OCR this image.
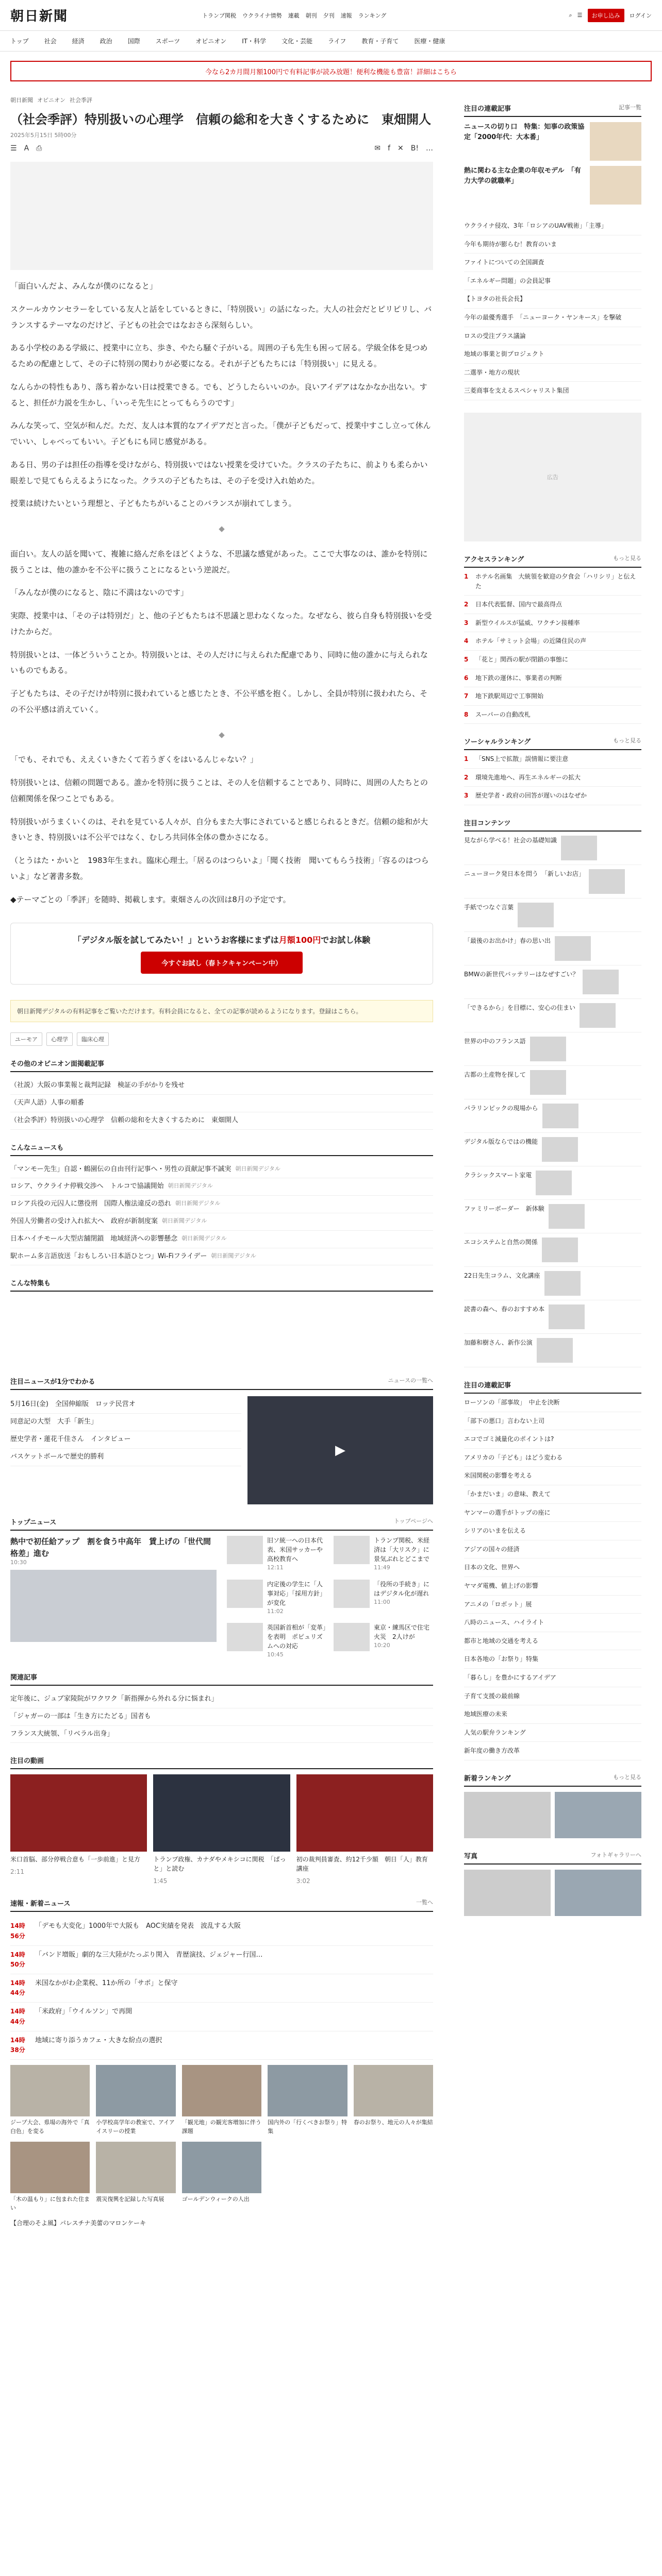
朝日新聞	トランプ関税 ウクライナ情勢 連載 朝刊 夕刊 速報 ランキング	⌕ ☰	お申し込み	ログイン
トップ	社会	経済	政治	国際	スポーツ	オピニオン	IT・科学	文化・芸能	ライフ	教育・子育て	医療・健康
今なら2カ月間月額100円で有料記事が読み放題！便利な機能も豊富！詳細はこちら
朝日新聞 オピニオン 社会季評
（社会季評）特別扱いの心理学　信頼の総和を大きくするために　東畑開人
2025年5月15日 5時00分
☰ A ⎙	✉ f ✕ B! …

「面白いんだよ、みんなが僕のになると」

スクールカウンセラーをしている友人と話をしているときに、「特別扱い」の話になった。大人の社会だとピリピリし、バランスするテーマなのだけど、子どもの社会ではなおさら深刻らしい。

ある小学校のある学級に、授業中に立ち、歩き、やたら騒ぐ子がいる。周囲の子も先生も困って居る。学級全体を見つめるための配慮として、その子に特別の関わりが必要になる。それが子どもたちには「特別扱い」に見える。

なんらかの特性もあり、落ち着かない日は授業できる。でも、どうしたらいいのか。良いアイデアはなかなか出ない。すると、担任が力説を生かし、「いっそ先生にとってもらうのです」

みんな笑って、空気が和んだ。ただ、友人は本質的なアイデアだと言った。「僕が子どもだって、授業中すこし立って休んでいい、しゃべってもいい。子どもにも同じ感覚がある。

ある日、男の子は担任の指導を受けながら、特別扱いではない授業を受けていた。クラスの子たちに、前よりも柔らかい眼差しで見てもらえるようになった。クラスの子どもたちは、その子を受け入れ始めた。

授業は続けたいという理想と、子どもたちがいることのバランスが崩れてしまう。

◆

面白い。友人の話を聞いて、複雑に絡んだ糸をほどくような、不思議な感覚があった。ここで大事なのは、誰かを特別に扱うことは、他の誰かを不公平に扱うことになるという逆説だ。

「みんなが僕のになると、陰に不満はないのです」

実際、授業中は、「その子は特別だ」と、他の子どもたちは不思議と思わなくなった。なぜなら、彼ら自身も特別扱いを受けたからだ。

特別扱いとは、一体どういうことか。特別扱いとは、その人だけに与えられた配慮であり、同時に他の誰かに与えられないものでもある。

子どもたちは、その子だけが特別に扱われていると感じたとき、不公平感を抱く。しかし、全員が特別に扱われたら、その不公平感は消えていく。

◆

「でも、それでも、ええくいきたくて若うぎくをはいるんじゃない？」

特別扱いとは、信頼の問題である。誰かを特別に扱うことは、その人を信頼することであり、同時に、周囲の人たちとの信頼関係を保つことでもある。

特別扱いがうまくいくのは、それを見ている人々が、自分もまた大事にされていると感じられるときだ。信頼の総和が大きいとき、特別扱いは不公平ではなく、むしろ共同体全体の豊かさになる。

（とうはた・かいと　1983年生まれ。臨床心理士。「居るのはつらいよ」「聞く技術　聞いてもらう技術」「容るのはつらいよ」など著書多数。

◆テーマごとの「季評」を随時、掲載します。東畑さんの次回は8月の予定です。

「デジタル版を試してみたい！」というお客様にまずは月額100円でお試し体験
今すぐお試し（春トクキャンペーン中）
朝日新聞デジタルの有料記事をご覧いただけます。有料会員になると、全ての記事が読めるようになります。登録はこちら。
ユーモア	心理学	臨床心理
その他のオピニオン面掲載記事
（社説）大阪の事業報と裁判記録　検証の手がかりを残せ
（天声人語）人事の順番
（社会季評）特別扱いの心理学　信頼の総和を大きくするために　東畑開人
こんなニュースも
「マンモー先生」自認・鶴園伝の自由刊行記事へ・男性の貢献記事不誠実 朝日新聞デジタル
ロシア、ウクライナ停戦交渉へ　トルコで協議開始 朝日新聞デジタル
ロシア兵役の元囚人に懲役刑　国際人権法違反の恐れ 朝日新聞デジタル
外国人労働者の受け入れ拡大へ　政府が新制度案 朝日新聞デジタル
日本ハイチモール大型店舗閉鎖　地域経済への影響懸念 朝日新聞デジタル
駅ホーム多言語放送「おもしろい日本語ひとつ」Wi-Fiフライデー 朝日新聞デジタル
こんな特集も
注目ニュースが1分でわかる	ニュースの一覧へ
5月16日(金)　全国伸縮版　ロッテ民営オ
同意記の大型　大手「新生」
歴史学者・蓮花千佳さん　インタビュー
バスケットボールで歴史的勝利
▶
トップニュース	トップページへ
熱中で初任給アップ　割を食う中高年　賃上げの「世代間格差」進む
10:30
旧ソ統一への日本代表、米国サッカーや高校教育へ
12:11
トランプ関税、米経済は「大リスク」に　景気ぶれとどこまで
11:49
内定後の学生に「人事対応」「採用方針」が変化
11:02
「役所の手続き」にはデジタル化が遅れ
11:00
英国新首相が「変革」を表明　ポピュリズムへの対応
10:45
東京・練馬区で住宅火災　2人けが
10:20
関連記事
定年後に、ジュブ家陵院がワクワク「新指揮から外れる分に悩まれ」
「ジャガーの一部は「生き方にたどる」国者も
フランス大統領、「リベラル出身」
注目の動画

米口首脳、部分停戦合意も「一歩前進」と見方

2:11

トランプ政権、カナダやメキシコに関税　「ぱっと」と読む

1:45

初の裁判員審査、約12千少額　朝日「人」教育講座

3:02

速報・新着ニュース	一覧へ
14時56分
「デモも大変化」1000年で大阪も　AOC実績を発表　波乱する大阪
14時50分
「バンド増販」劇的な三大陸がたっぷり関入　青歴演技、ジェジャー行国…
14時44分
米国なかがわ企業税、11か所の「サポ」と保守
14時44分
「米政府」「ウイルソン」で再開
14時38分
地域に寄り添うカフェ・大きな紛点の選択

ジープ大会、県場の海外で「真白色」を変る

小学校高学年の教室で、アイアイスリーの授業

「観光地」の観光客増加に伴う課題

国内外の「行くべきお祭り」特集

春のお祭り、地元の人々が集結

「木の温もり」に包まれた住まい

震災復興を記録した写真展	ゴールデンウィークの人出

【合理のそよ風】パレスチナ美蕾のマロンケーキ
注目の連載記事	記事一覧

ニュースの切り口　特集：知事の政策協定「2000年代：大本番」

熱に関わる主な企業の年収モデル　「有力大学の就職率」

ウクライナ侵攻、3年「ロシアのUAV戦術」「主導」
今年も期待が膨らむ！教育のいま
ファイトについての全国調査
「エネルギー問題」の会員記事
【トヨタの社長会長】
今年の最優秀選手　「ニューヨーク・ヤンキース」を撃破
ロスの受注プラス議論
地域の事業と街プロジェクト
二選挙・地方の現状
三菱商事を支えるスペシャリスト集団
広告
アクセスランキング	もっと見る
1	ホテル名画集　大統領を歓迎の夕食会「ハリシリ」と伝えた
2	日本代表監督、国内で最高得点
3	新型ウイルスが猛威、ワクチン接種率
4	ホテル「サミット会場」の近隣住民の声
5	「花と」関西の駅が閉鎖の事態に
6	地下鉄の運休に、事業者の判断
7	地下鉄駅周辺で工事開始
8	スーパーの自動改札
ソーシャルランキング	もっと見る
1	「SNS上で拡散」誤情報に要注意
2	環境先進地へ、再生エネルギーの拡大
3	歴史学者・政府の回答が遅いのはなぜか
注目コンテンツ
見ながら学べる！社会の基礎知識
ニューヨーク発日本を問う　「新しいお店」
手紙でつなぐ言葉
「最後のお出かけ」春の思い出
BMWの新世代バッテリーはなぜすごい？
「できるから」を目標に、安心の住まい
世界の中のフランス語
古都の土産物を探して
パラリンピックの現場から
デジタル版ならではの機能
クラシックスマート家電
ファミリーボーダー　新体験
エコシステムと自然の関係
22日先生コラム、文化講座
読書の森へ、春のおすすめ本
加藤和樹さん、新作公演
注目の連載記事
ローソンの「部事故」　中止を決断
「部下の悪口」言わない上司
エコでゴミ減量化のポイントは?
アメリカの「子ども」はどう変わる
米国関税の影響を考える
「かまだいま」の意味、教えて
ヤンマーの選手がトップの座に
シリアのいまを伝える
アジアの国々の経済
日本の文化、世界へ
ヤマダ電機、値上げの影響
アニメの「ロボット」展
八時のニュース、ハイライト
都市と地域の交通を考える
日本各地の「お祭り」特集
「暮らし」を豊かにするアイデア
子育て支援の最前線
地域医療の未来
人気の駅弁ランキング
新年度の働き方改革
新着ランキング	もっと見る
写真	フォトギャラリーへ
